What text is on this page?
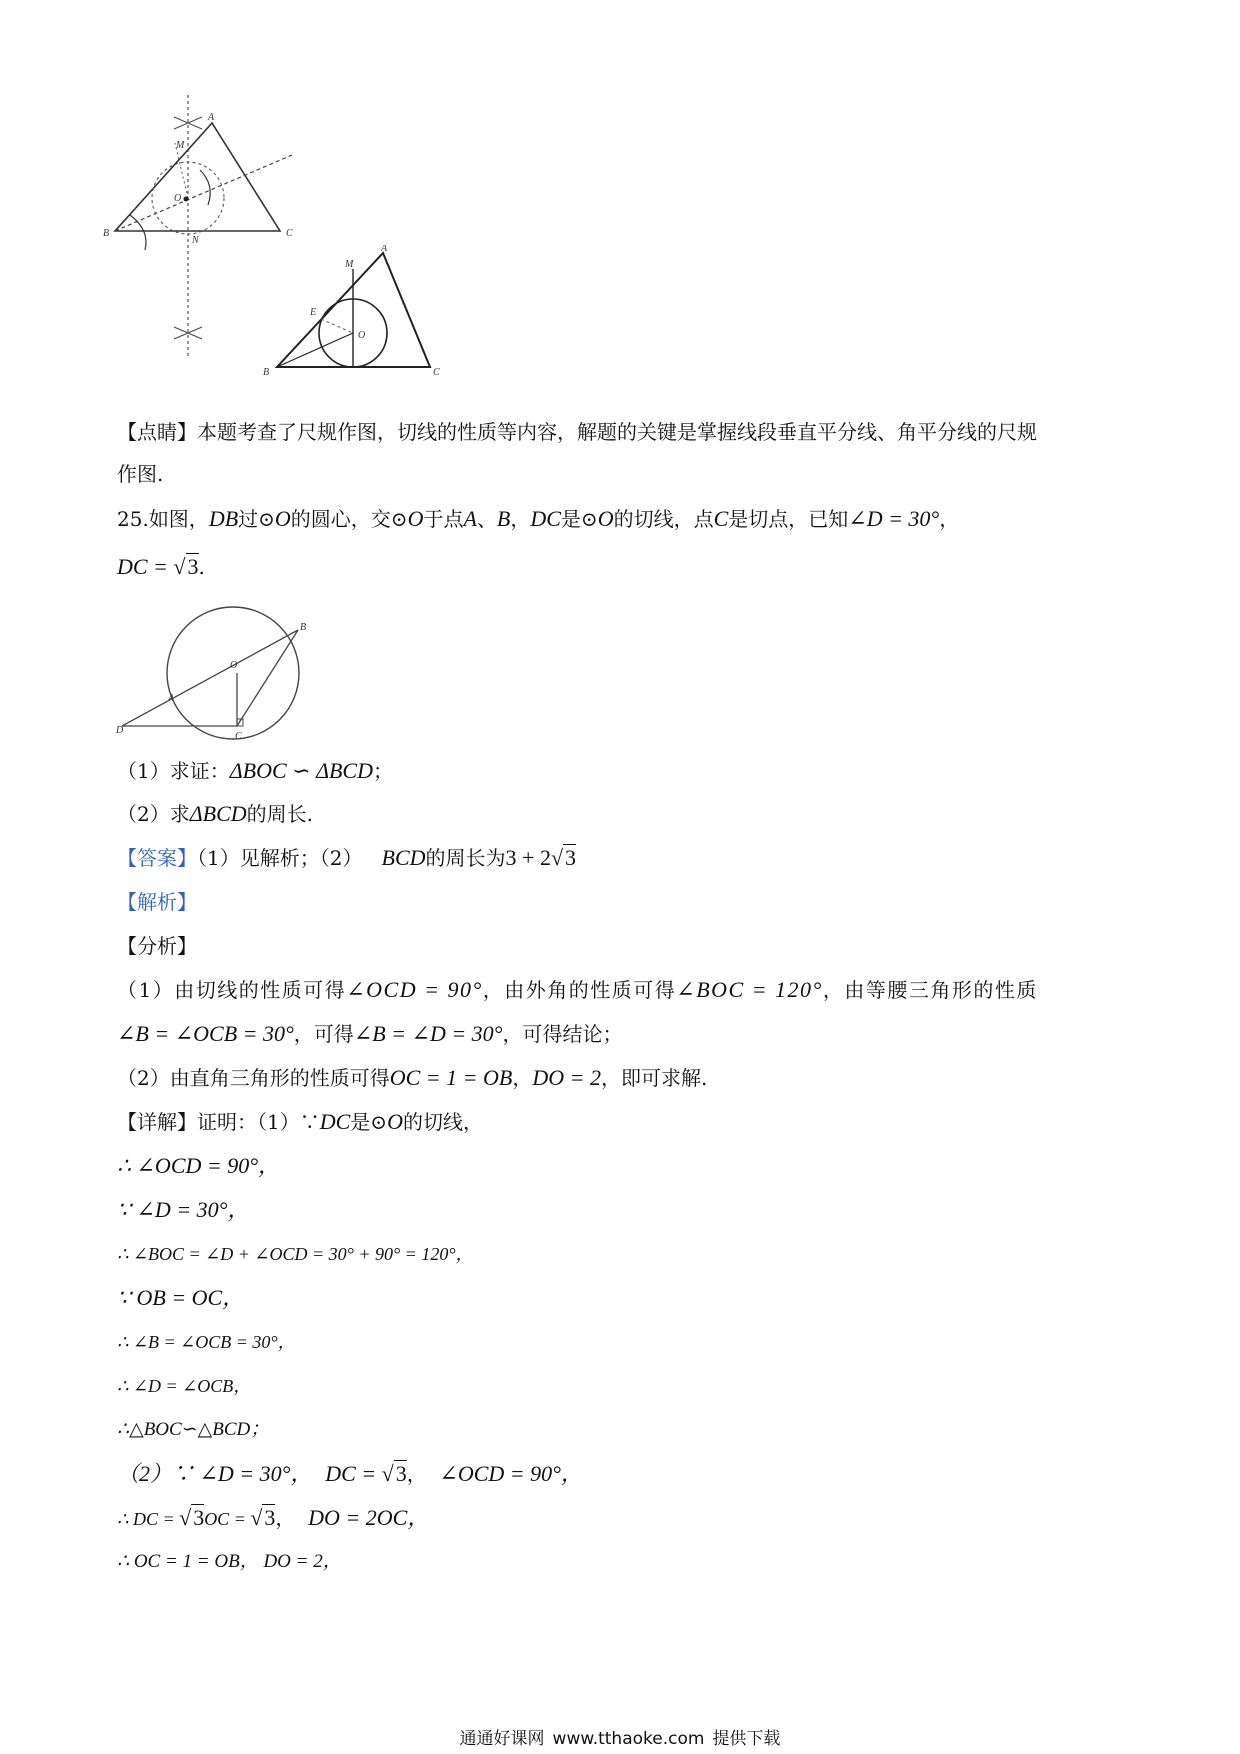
A
M
O
B
N
C
A
M
E
O
B	C
【点睛】本题考查了尺规作图，切线的性质等内容，解题的关键是掌握线段垂直平分线、角平分线的尺规
作图.
25.如图，DB过⊙O的圆心，交⊙O于点A、B，DC是⊙O的切线，点C是切点，已知∠D = 30°，
DC = √3.
O
B
A
D
C
（1）求证：ΔBOC ∽ ΔBCD；
（2）求ΔBCD的周长.
【答案】（1）见解析；（2） BCD的周长为3 + 2√3
【解析】
【分析】
（1）由切线的性质可得∠OCD = 90°，由外角的性质可得∠BOC = 120°，由等腰三角形的性质
∠B = ∠OCB = 30°，可得∠B = ∠D = 30°，可得结论；
（2）由直角三角形的性质可得OC = 1 = OB，DO = 2，即可求解.
【详解】证明：（1）∵DC是⊙O的切线，
∴ ∠OCD = 90°，
∵ ∠D = 30°，
∴ ∠BOC = ∠D + ∠OCD = 30° + 90° = 120°，
∵ OB = OC，
∴ ∠B = ∠OCB = 30°，
∴ ∠D = ∠OCB，
∴△BOC∽△BCD；
（2）∵ ∠D = 30°， DC = √3， ∠OCD = 90°，
∴ DC = √3OC = √3， DO = 2OC，
∴ OC = 1 = OB， DO = 2，
通通好课网 www.tthaoke.com 提供下载
